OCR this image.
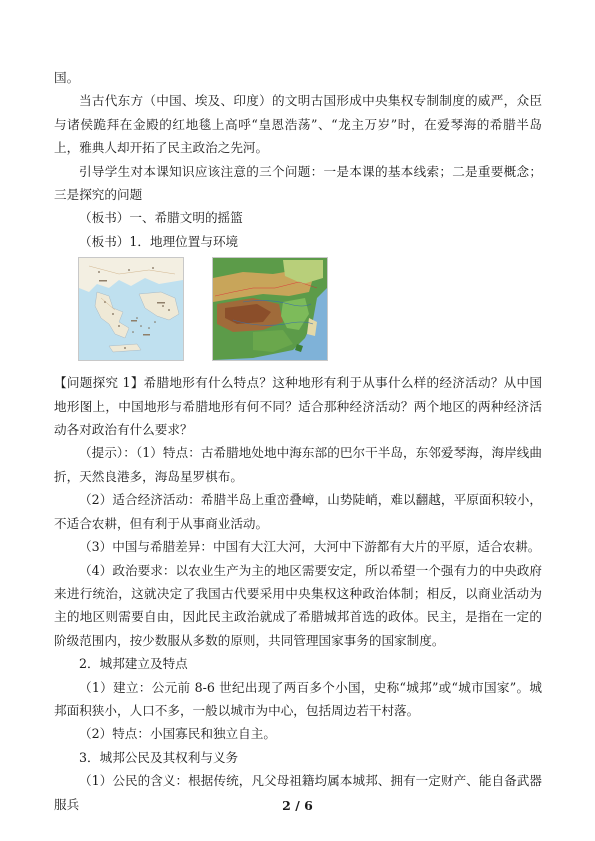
国。

当古代东方（中国、埃及、印度）的文明古国形成中央集权专制制度的威严，众臣与诸侯跪拜在金殿的红地毯上高呼“皇恩浩荡”、“龙主万岁”时，在爱琴海的希腊半岛上，雅典人却开拓了民主政治之先河。

引导学生对本课知识应该注意的三个问题：一是本课的基本线索；二是重要概念；三是探究的问题

（板书）一、希腊文明的摇篮

（板书）1．地理位置与环境

【问题探究 1】希腊地形有什么特点？这种地形有利于从事什么样的经济活动？从中国地形图上，中国地形与希腊地形有何不同？适合那种经济活动？两个地区的两种经济活动各对政治有什么要求？

（提示）：（1）特点：古希腊地处地中海东部的巴尔干半岛，东邻爱琴海，海岸线曲折，天然良港多，海岛星罗棋布。

（2）适合经济活动：希腊半岛上重峦叠嶂，山势陡峭，难以翻越，平原面积较小，不适合农耕，但有利于从事商业活动。

（3）中国与希腊差异：中国有大江大河，大河中下游都有大片的平原，适合农耕。

（4）政治要求：以农业生产为主的地区需要安定，所以希望一个强有力的中央政府来进行统治，这就决定了我国古代要采用中央集权这种政治体制；相反，以商业活动为主的地区则需要自由，因此民主政治就成了希腊城邦首选的政体。民主，是指在一定的阶级范围内，按少数服从多数的原则，共同管理国家事务的国家制度。

2．城邦建立及特点

（1）建立：公元前 8-6 世纪出现了两百多个小国，史称“城邦”或“城市国家”。城邦面积狭小，人口不多，一般以城市为中心，包括周边若干村落。

（2）特点：小国寡民和独立自主。

3．城邦公民及其权利与义务

（1）公民的含义：根据传统，凡父母祖籍均属本城邦、拥有一定财产、能自备武器服兵	2 / 6
